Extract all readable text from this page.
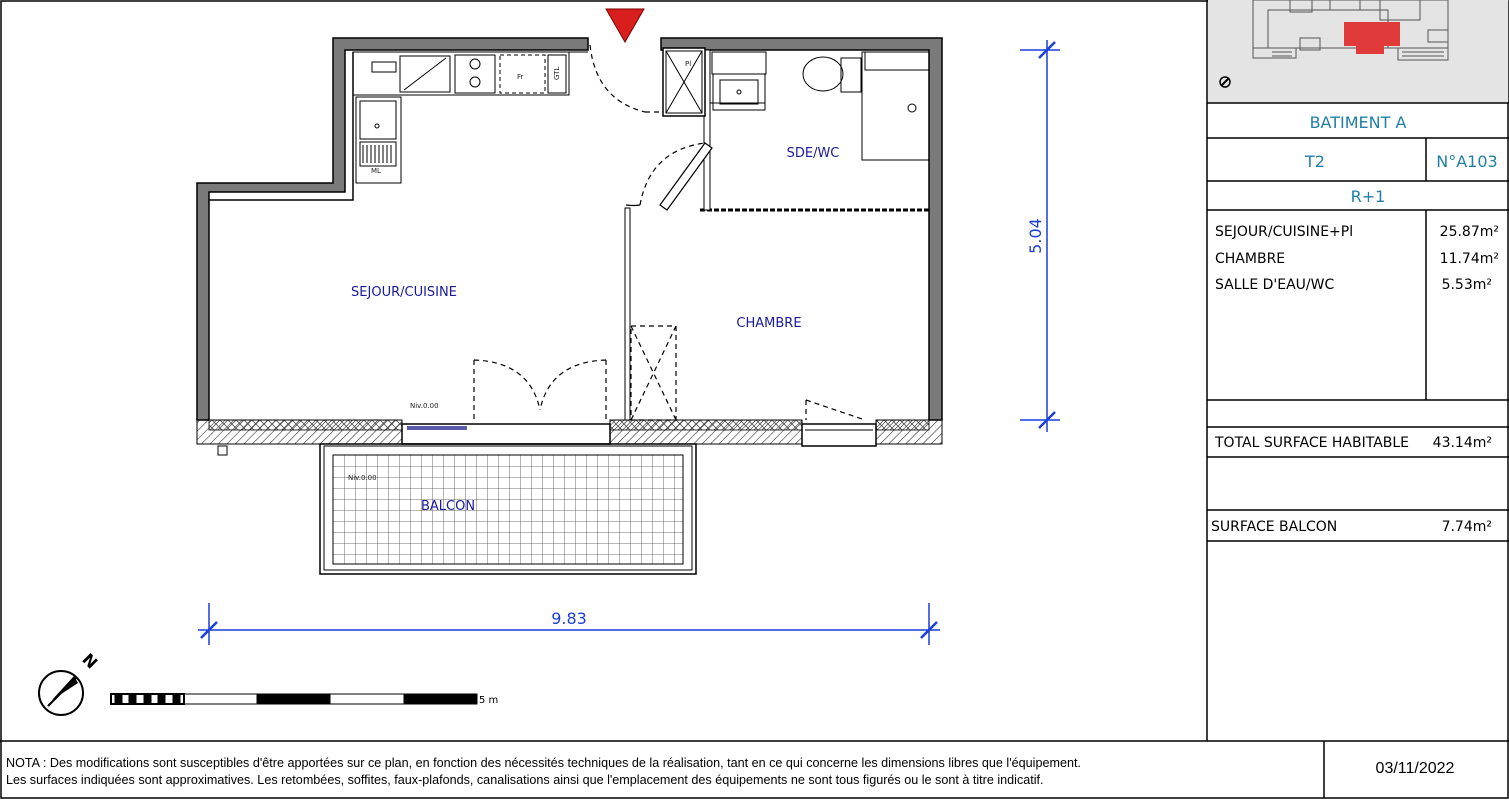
Fr	GTL
ML
Pl
SEJOUR/CUISINE
SDE/WC
CHAMBRE
BALCON
Niv.0.00
Niv.0.00
9.83
5.04
N
5 m
BATIMENT A
T2	N°A103
R+1
SEJOUR/CUISINE+Pl	25.87m²
CHAMBRE	11.74m²
SALLE D'EAU/WC	5.53m²
TOTAL SURFACE HABITABLE 43.14m²
SURFACE BALCON	7.74m²
NOTA : Des modifications sont susceptibles d'être apportées sur ce plan, en fonction des nécessités techniques de la réalisation, tant en ce qui concerne les dimensions libres que l'équipement.
Les surfaces indiquées sont approximatives. Les retombées, soffites, faux-plafonds, canalisations ainsi que l'emplacement des équipements ne sont tous figurés ou le sont à titre indicatif.
03/11/2022
